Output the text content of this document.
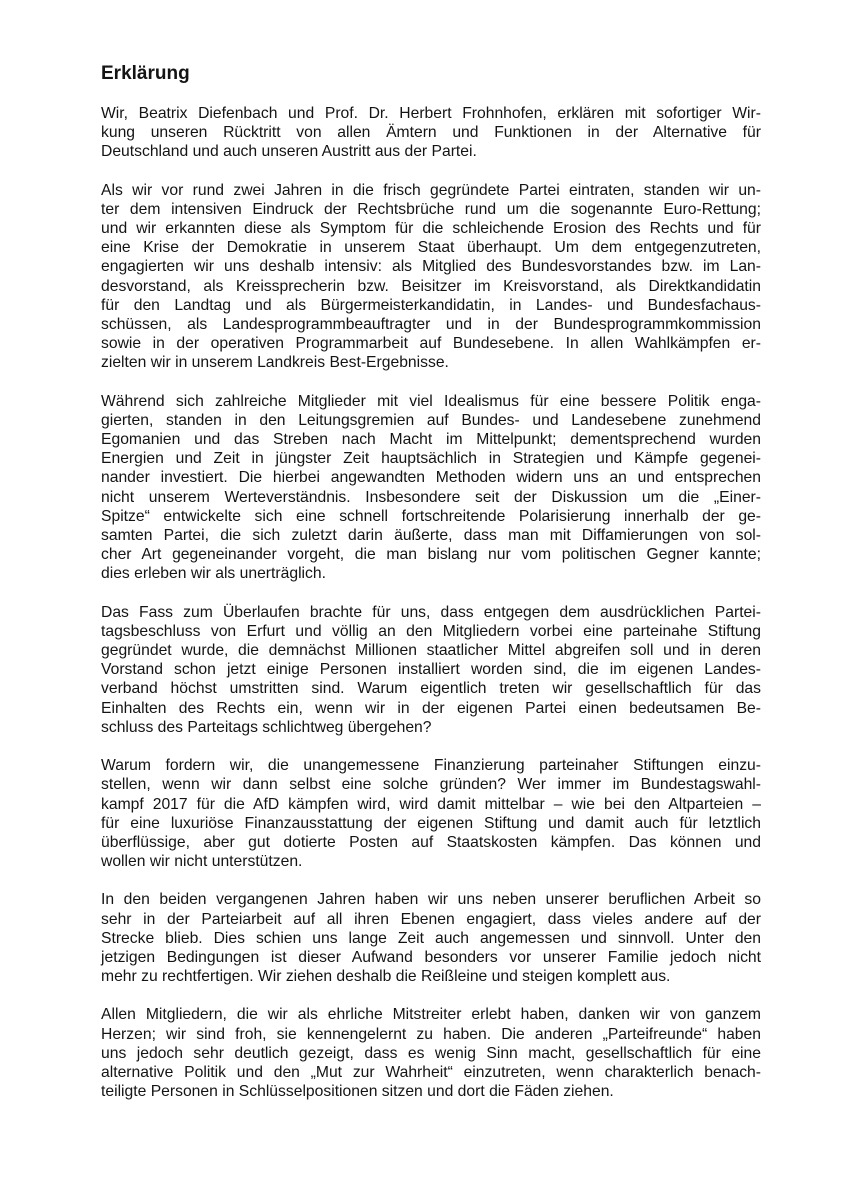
Erklärung
Wir, Beatrix Diefenbach und Prof. Dr. Herbert Frohnhofen, erklären mit sofortiger Wir-
kung unseren Rücktritt von allen Ämtern und Funktionen in der Alternative für
Deutschland und auch unseren Austritt aus der Partei.
Als wir vor rund zwei Jahren in die frisch gegründete Partei eintraten, standen wir un-
ter dem intensiven Eindruck der Rechtsbrüche rund um die sogenannte Euro-Rettung;
und wir erkannten diese als Symptom für die schleichende Erosion des Rechts und für
eine Krise der Demokratie in unserem Staat überhaupt. Um dem entgegenzutreten,
engagierten wir uns deshalb intensiv: als Mitglied des Bundesvorstandes bzw. im Lan-
desvorstand, als Kreissprecherin bzw. Beisitzer im Kreisvorstand, als Direktkandidatin
für den Landtag und als Bürgermeisterkandidatin, in Landes- und Bundesfachaus-
schüssen, als Landesprogrammbeauftragter und in der Bundesprogrammkommission
sowie in der operativen Programmarbeit auf Bundesebene. In allen Wahlkämpfen er-
zielten wir in unserem Landkreis Best-Ergebnisse.
Während sich zahlreiche Mitglieder mit viel Idealismus für eine bessere Politik enga-
gierten, standen in den Leitungsgremien auf Bundes- und Landesebene zunehmend
Egomanien und das Streben nach Macht im Mittelpunkt; dementsprechend wurden
Energien und Zeit in jüngster Zeit hauptsächlich in Strategien und Kämpfe gegenei-
nander investiert. Die hierbei angewandten Methoden widern uns an und entsprechen
nicht unserem Werteverständnis. Insbesondere seit der Diskussion um die „Einer-
Spitze“ entwickelte sich eine schnell fortschreitende Polarisierung innerhalb der ge-
samten Partei, die sich zuletzt darin äußerte, dass man mit Diffamierungen von sol-
cher Art gegeneinander vorgeht, die man bislang nur vom politischen Gegner kannte;
dies erleben wir als unerträglich.
Das Fass zum Überlaufen brachte für uns, dass entgegen dem ausdrücklichen Partei-
tagsbeschluss von Erfurt und völlig an den Mitgliedern vorbei eine parteinahe Stiftung
gegründet wurde, die demnächst Millionen staatlicher Mittel abgreifen soll und in deren
Vorstand schon jetzt einige Personen installiert worden sind, die im eigenen Landes-
verband höchst umstritten sind. Warum eigentlich treten wir gesellschaftlich für das
Einhalten des Rechts ein, wenn wir in der eigenen Partei einen bedeutsamen Be-
schluss des Parteitags schlichtweg übergehen?
Warum fordern wir, die unangemessene Finanzierung parteinaher Stiftungen einzu-
stellen, wenn wir dann selbst eine solche gründen? Wer immer im Bundestagswahl-
kampf 2017 für die AfD kämpfen wird, wird damit mittelbar – wie bei den Altparteien –
für eine luxuriöse Finanzausstattung der eigenen Stiftung und damit auch für letztlich
überflüssige, aber gut dotierte Posten auf Staatskosten kämpfen. Das können und
wollen wir nicht unterstützen.
In den beiden vergangenen Jahren haben wir uns neben unserer beruflichen Arbeit so
sehr in der Parteiarbeit auf all ihren Ebenen engagiert, dass vieles andere auf der
Strecke blieb. Dies schien uns lange Zeit auch angemessen und sinnvoll. Unter den
jetzigen Bedingungen ist dieser Aufwand besonders vor unserer Familie jedoch nicht
mehr zu rechtfertigen. Wir ziehen deshalb die Reißleine und steigen komplett aus.
Allen Mitgliedern, die wir als ehrliche Mitstreiter erlebt haben, danken wir von ganzem
Herzen; wir sind froh, sie kennengelernt zu haben. Die anderen „Parteifreunde“ haben
uns jedoch sehr deutlich gezeigt, dass es wenig Sinn macht, gesellschaftlich für eine
alternative Politik und den „Mut zur Wahrheit“ einzutreten, wenn charakterlich benach-
teiligte Personen in Schlüsselpositionen sitzen und dort die Fäden ziehen.
